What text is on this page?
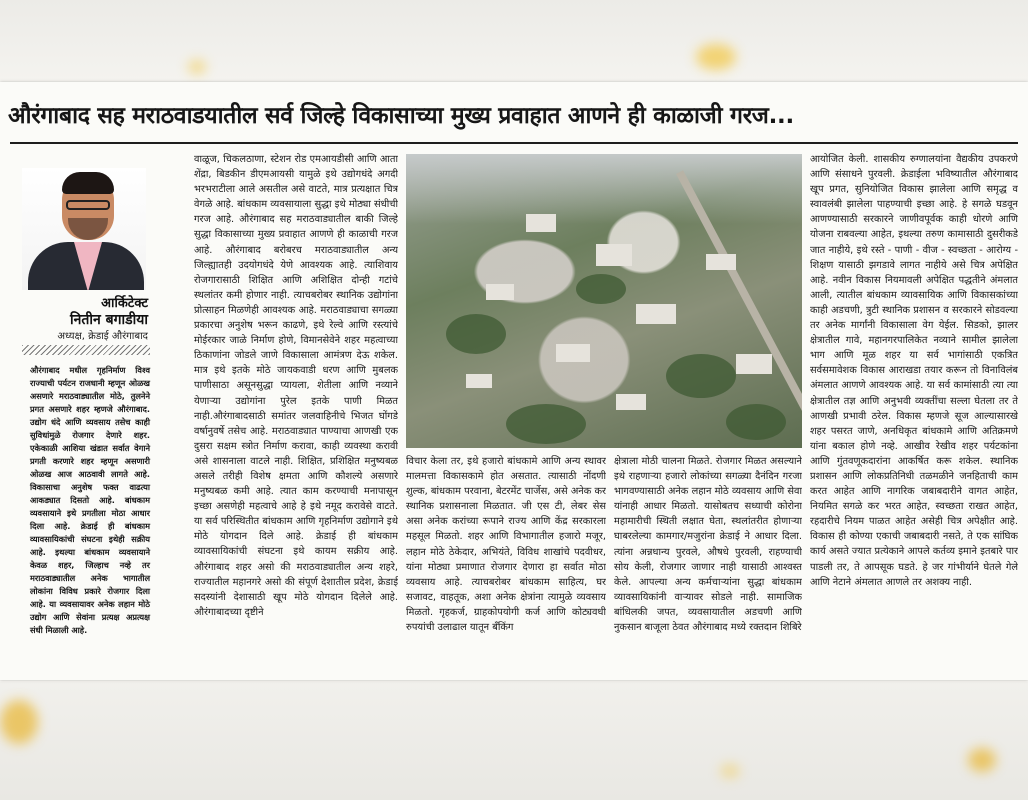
औरंगाबाद सह मराठवाडयातील सर्व जिल्हे विकासाच्या मुख्य प्रवाहात आणने ही काळाजी गरज...
आर्किटेक्ट
नितीन बगाडीया
अध्यक्ष, क्रेडाई औरंगाबाद
औरंगाबाद मधील गृहनिर्माण विश्व राज्याची पर्यटन राजधानी म्हणून ओळख असणारे मराठवाड्यातील मोठे, तुलनेने प्रगत असणारे शहर म्हणजे औरंगाबाद. उद्योग धंदे आणि व्यवसाय तसेच काही सुविधांमुळे रोजगार देणारे शहर. एकेकाळी आशिया खंडात सर्वात वेगाने प्रगती करणारे शहर म्हणून असणारी ओळख आज आठवावी लागते आहे. विकासाचा अनुशेष फक्त वाढत्या आकड्यात दिसतो आहे. बांधकाम व्यवसायाने इथे प्रगतीला मोठा आधार दिला आहे. क्रेडाई ही बांधकाम व्यावसायिकांची संघटना इथेही सक्रीय आहे. इथल्या बांधकाम व्यवसायाने केवळ शहर, जिल्हाच नव्हे तर मराठवाड्यातील अनेक भागातील लोकांना विविध प्रकारे रोजगार दिला आहे. या व्यवसायावर अनेक लहान मोठे उद्योग आणि सेवांना प्रत्यक्ष अप्रत्यक्ष संधी मिळाली आहे.
वाळूज, चिकलठाणा, स्टेशन रोड एमआयडीसी आणि आता शेंद्रा, बिडकीन डीएमआयसी यामुळे इथे उद्योगधंदे अगदी भरभराटीला आले असतील असे वाटते, मात्र प्रत्यक्षात चित्र वेगळे आहे. बांधकाम व्यवसायाला सुद्धा इथे मोठ्या संधीची गरज आहे. औरंगाबाद सह मराठवाड्यातील बाकी जिल्हे सुद्धा विकासाच्या मुख्य प्रवाहात आणणे ही काळाची गरज आहे. औरंगाबाद बरोबरच मराठवाड्यातील अन्य जिल्ह्यातही उदयोगधंदे येणे आवश्यक आहे. त्याशिवाय रोजगारासाठी शिक्षित आणि अशिक्षित दोन्ही गटांचे स्थलांतर कमी होणार नाही. त्याचबरोबर स्थानिक उद्योगांना प्रोत्साहन मिळणेही आवश्यक आहे. मराठवाड्याचा सगळ्या प्रकारचा अनुशेष भरून काढणे, इथे रेल्वे आणि रस्त्यांचे मोईरकार जाळे निर्माण होणे, विमानसेवेने शहर महत्वाच्या ठिकाणांना जोडले जाणे विकासाला आमंत्रण देऊ शकेल. मात्र इथे इतके मोठे जायकवाडी धरण आणि मुबलक पाणीसाठा असूनसुद्धा प्यायला, शेतीला आणि नव्याने येणाऱ्या उद्योगांना पुरेल इतके पाणी मिळत नाही.औरंगाबादसाठी समांतर जलवाहिनीचे भिजत घोंगडे वर्षानुवर्षे तसेच आहे. मराठवाड्यात पाण्याचा आणखी एक दुसरा सक्षम स्त्रोत निर्माण करावा, काही व्यवस्था करावी असे शासनाला वाटले नाही. शिक्षित, प्रशिक्षित मनुष्यबळ असले तरीही विशेष क्षमता आणि कौशल्ये असणारे मनुष्यबळ कमी आहे. त्यात काम करण्याची मनापासून इच्छा असणेही महत्वाचे आहे हे इथे नमूद करावेसे वाटते. या सर्व परिस्थितीत बांधकाम आणि गृहनिर्माण उद्योगाने इथे मोठे योगदान दिले आहे. क्रेडाई ही बांधकाम व्यावसायिकांची संघटना इथे कायम सक्रीय आहे. औरंगाबाद शहर असो की मराठवाड्यातील अन्य शहरे, राज्यातील महानगरे असो की संपूर्ण देशातील प्रदेश, क्रेडाई सदस्यांनी देशासाठी खूप मोठे योगदान दिलेले आहे. औरंगाबादच्या दृष्टीने
विचार केला तर, इथे हजारो बांधकामे आणि अन्य स्थावर मालमत्ता विकासकामे होत असतात. त्यासाठी नोंदणी शुल्क, बांधकाम परवाना, बेटरमेंट चार्जेस, असे अनेक कर स्थानिक प्रशासनाला मिळतात. जी एस टी, लेबर सेस असा अनेक करांच्या रूपाने राज्य आणि केंद्र सरकारला महसूल मिळतो. शहर आणि विभागातील हजारो मजूर, लहान मोठे ठेकेदार, अभियंते, विविध शाखांचे पदवीधर, यांना मोठ्या प्रमाणात रोजगार देणारा हा सर्वात मोठा व्यवसाय आहे. त्याचबरोबर बांधकाम साहित्य, घर सजावट, वाहतूक, अशा अनेक क्षेत्रांना त्यामुळे व्यवसाय मिळतो. गृहकर्ज, ग्राहकोपयोगी कर्ज आणि कोट्यवधी रुपयांची उलाढाल यातून बँकिंग
क्षेत्राला मोठी चालना मिळते. रोजगार मिळत असल्याने इथे राहणाऱ्या हजारो लोकांच्या सगळ्या दैनंदिन गरजा भागवण्यासाठी अनेक लहान मोठे व्यवसाय आणि सेवा यांनाही आधार मिळतो. यासोबतच सध्याची कोरोना महामारीची स्थिती लक्षात घेता, स्थलांतरीत होणाऱ्या घाबरलेल्या कामगार/मजुरांना क्रेडाई ने आधार दिला. त्यांना अन्नधान्य पुरवले, औषधे पुरवली, राहण्याची सोय केली, रोजगार जाणार नाही यासाठी आश्वस्त केले. आपल्या अन्य कर्मचाऱ्यांना सुद्धा बांधकाम व्यावसायिकांनी वाऱ्यावर सोडले नाही. सामाजिक बांधिलकी जपत, व्यवसायातील अडचणी आणि नुकसान बाजूला ठेवत औरंगाबाद मध्ये रक्तदान शिबिरे
आयोजित केली. शासकीय रुग्णालयांना वैद्यकीय उपकरणे आणि संसाधने पुरवली. क्रेडाईला भविष्यातील औरंगाबाद खूप प्रगत, सुनियोजित विकास झालेला आणि समृद्ध व स्वावलंबी झालेला पाहण्याची इच्छा आहे. हे सगळे घडवून आणण्यासाठी सरकारने जाणीवपूर्वक काही धोरणे आणि योजना राबवल्या आहेत, इथल्या तरुण कामासाठी दुसरीकडे जात नाहीये, इथे रस्ते - पाणी - वीज - स्वच्छता - आरोग्य - शिक्षण यासाठी झगडावे लागत नाहीये असे चित्र अपेक्षित आहे. नवीन विकास नियमावली अपेक्षित पद्धतीने अंमलात आली, त्यातील बांधकाम व्यावसायिक आणि विकासकांच्या काही अडचणी, त्रुटी स्थानिक प्रशासन व सरकारने सोडवल्या तर अनेक मार्गांनी विकासाला वेग येईल. सिडको, झालर क्षेत्रातील गावे, महानगरपालिकेत नव्याने सामील झालेला भाग आणि मूळ शहर या सर्व भागांसाठी एकत्रित सर्वसमावेशक विकास आराखडा तयार करून तो विनाविलंब अंमलात आणणे आवश्यक आहे. या सर्व कामांसाठी त्या त्या क्षेत्रातील तज्ञ आणि अनुभवी व्यक्तींचा सल्ला घेतला तर ते आणखी प्रभावी ठरेल. विकास म्हणजे सूज आल्यासारखे शहर पसरत जाणे, अनधिकृत बांधकामे आणि अतिक्रमणे यांना बकाल होणे नव्हे. आखीव रेखीव शहर पर्यटकांना आणि गुंतवणूकदारांना आकर्षित करू शकेल. स्थानिक प्रशासन आणि लोकप्रतिनिधी तळमळीने जनहिताची काम करत आहेत आणि नागरिक जबाबदारीने वागत आहेत, नियमित सगळे कर भरत आहेत, स्वच्छता राखत आहेत, रहदारीचे नियम पाळत आहेत असेही चित्र अपेक्षीत आहे. विकास ही कोण्या एकाची जबाबदारी नसते, ते एक सांघिक कार्य असते ज्यात प्रत्येकाने आपले कर्तव्य इमाने इतबारे पार पाडली तर, ते आपसूक घडते. हे जर गांभीर्याने घेतले गेले आणि नेटाने अंमलात आणले तर अशक्य नाही.
